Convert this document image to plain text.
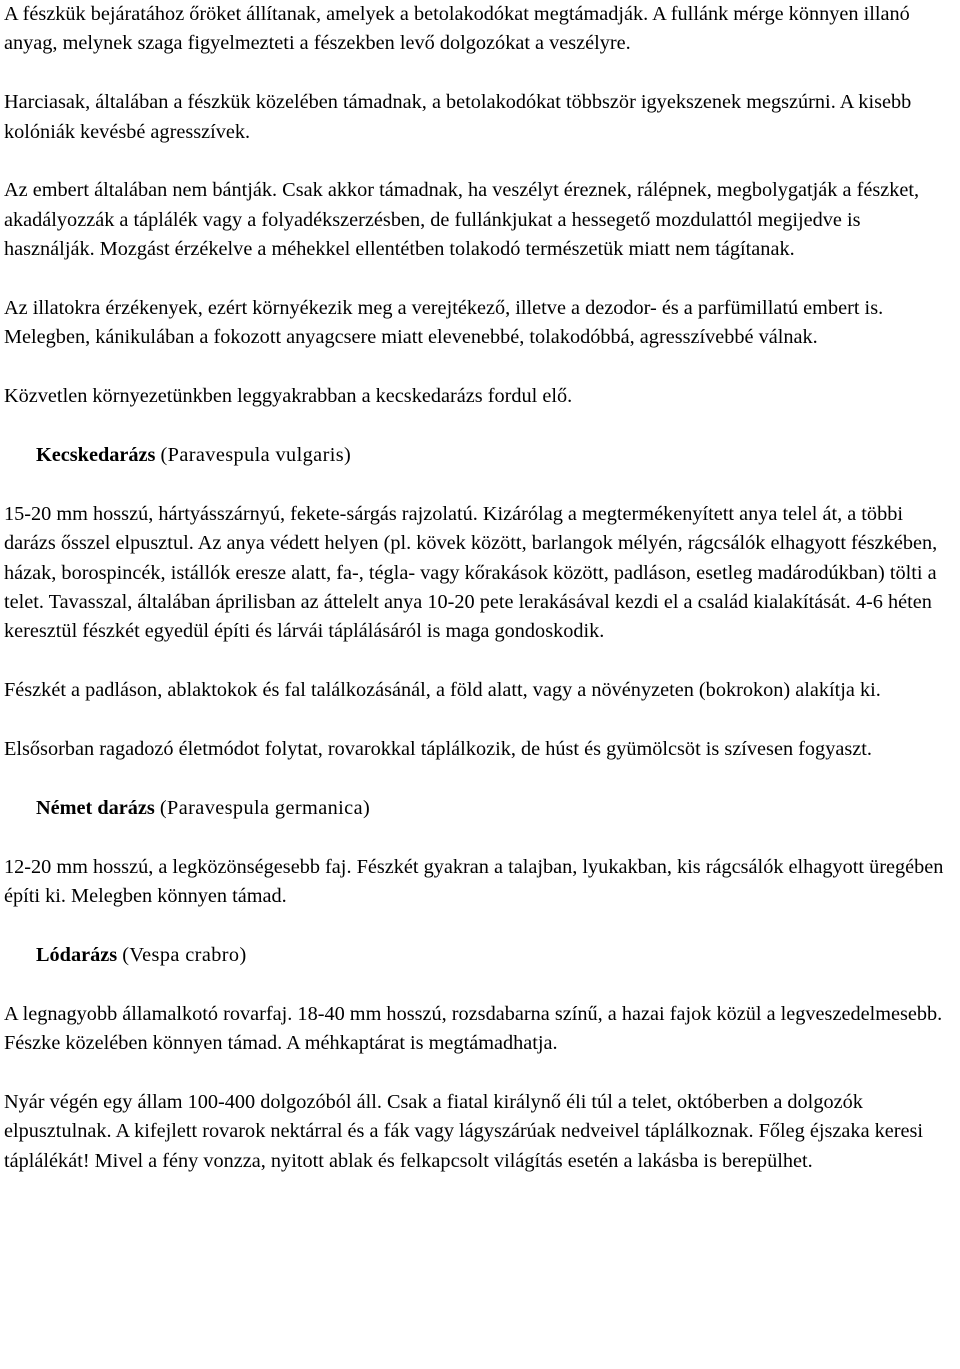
A fészkük bejáratához őröket állítanak, amelyek a betolakodókat megtámadják. A fullánk mérge könnyen illanó anyag, melynek szaga figyelmezteti a fészekben levő dolgozókat a veszélyre.

Harciasak, általában a fészkük közelében támadnak, a betolakodókat többször igyekszenek megszúrni. A kisebb kolóniák kevésbé agresszívek.

Az embert általában nem bántják. Csak akkor támadnak, ha veszélyt éreznek, rálépnek, megbolygatják a fészket, akadályozzák a táplálék vagy a folyadékszerzésben, de fullánkjukat a hessegető mozdulattól megijedve is használják. Mozgást érzékelve a méhekkel ellentétben tolakodó természetük miatt nem tágítanak.

Az illatokra érzékenyek, ezért környékezik meg a verejtékező, illetve a dezodor- és a parfümillatú embert is. Melegben, kánikulában a fokozott anyagcsere miatt elevenebbé, tolakodóbbá, agresszívebbé válnak.

Közvetlen környezetünkben leggyakrabban a kecskedarázs fordul elő.

Kecskedarázs (Paravespula vulgaris)

15-20 mm hosszú, hártyásszárnyú, fekete-sárgás rajzolatú. Kizárólag a megtermékenyített anya telel át, a többi darázs ősszel elpusztul. Az anya védett helyen (pl. kövek között, barlangok mélyén, rágcsálók elhagyott fészkében, házak, borospincék, istállók eresze alatt, fa-, tégla- vagy kőrakások között, padláson, esetleg madárodúkban) tölti a telet. Tavasszal, általában áprilisban az áttelelt anya 10-20 pete lerakásával kezdi el a család kialakítását. 4-6 héten keresztül fészkét egyedül építi és lárvái táplálásáról is maga gondoskodik.

Fészkét a padláson, ablaktokok és fal találkozásánál, a föld alatt, vagy a növényzeten (bokrokon) alakítja ki.

Elsősorban ragadozó életmódot folytat, rovarokkal táplálkozik, de húst és gyümölcsöt is szívesen fogyaszt.

Német darázs (Paravespula germanica)

12-20 mm hosszú, a legközönségesebb faj. Fészkét gyakran a talajban, lyukakban, kis rágcsálók elhagyott üregében építi ki. Melegben könnyen támad.

Lódarázs (Vespa crabro)

A legnagyobb államalkotó rovarfaj. 18-40 mm hosszú, rozsdabarna színű, a hazai fajok közül a legveszedelmesebb. Fészke közelében könnyen támad. A méhkaptárat is megtámadhatja.

Nyár végén egy állam 100-400 dolgozóból áll. Csak a fiatal királynő éli túl a telet, októberben a dolgozók elpusztulnak. A kifejlett rovarok nektárral és a fák vagy lágyszárúak nedveivel táplálkoznak. Főleg éjszaka keresi táplálékát! Mivel a fény vonzza, nyitott ablak és felkapcsolt világítás esetén a lakásba is berepülhet.
